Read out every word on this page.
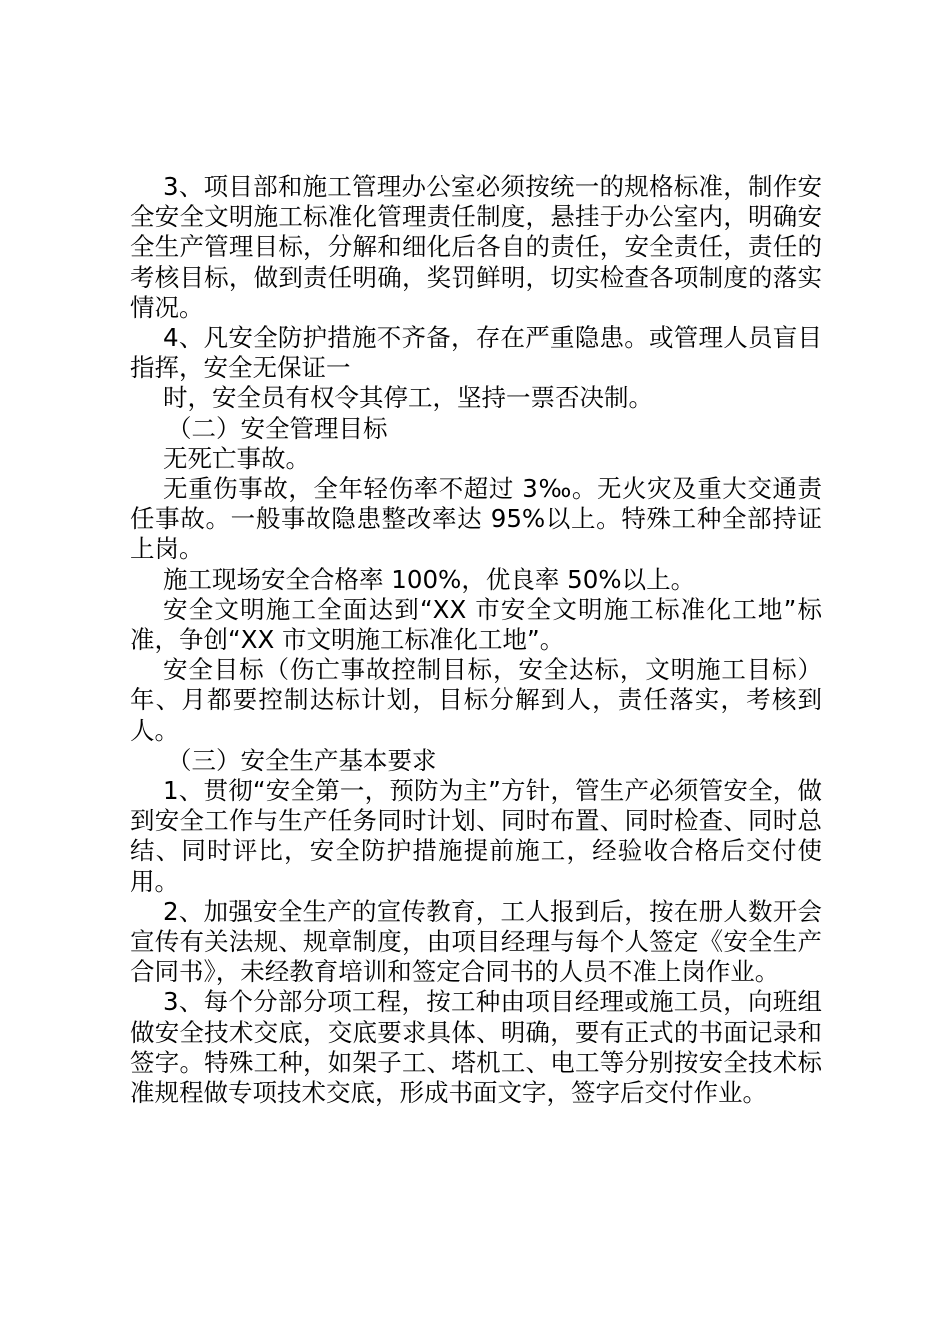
3、项目部和施工管理办公室必须按统一的规格标准，制作安全安全文明施工标准化管理责任制度，悬挂于办公室内，明确安全生产管理目标，分解和细化后各自的责任，安全责任，责任的考核目标，做到责任明确，奖罚鲜明，切实检查各项制度的落实情况。

4、凡安全防护措施不齐备，存在严重隐患。或管理人员盲目指挥，安全无保证一

时，安全员有权令其停工，坚持一票否决制。

（二）安全管理目标

无死亡事故。

无重伤事故，全年轻伤率不超过 3‰。无火灾及重大交通责任事故。一般事故隐患整改率达 95%以上。特殊工种全部持证上岗。

施工现场安全合格率 100%，优良率 50%以上。

安全文明施工全面达到“XX 市安全文明施工标准化工地”标准，争创“XX 市文明施工标准化工地”。

安全目标（伤亡事故控制目标，安全达标，文明施工目标）年、月都要控制达标计划，目标分解到人，责任落实，考核到人。

（三）安全生产基本要求

1、贯彻“安全第一，预防为主”方针，管生产必须管安全，做到安全工作与生产任务同时计划、同时布置、同时检查、同时总结、同时评比，安全防护措施提前施工，经验收合格后交付使用。

2、加强安全生产的宣传教育，工人报到后，按在册人数开会宣传有关法规、规章制度，由项目经理与每个人签定《安全生产合同书》，未经教育培训和签定合同书的人员不准上岗作业。

3、每个分部分项工程，按工种由项目经理或施工员，向班组做安全技术交底，交底要求具体、明确，要有正式的书面记录和签字。特殊工种，如架子工、塔机工、电工等分别按安全技术标准规程做专项技术交底，形成书面文字，签字后交付作业。
